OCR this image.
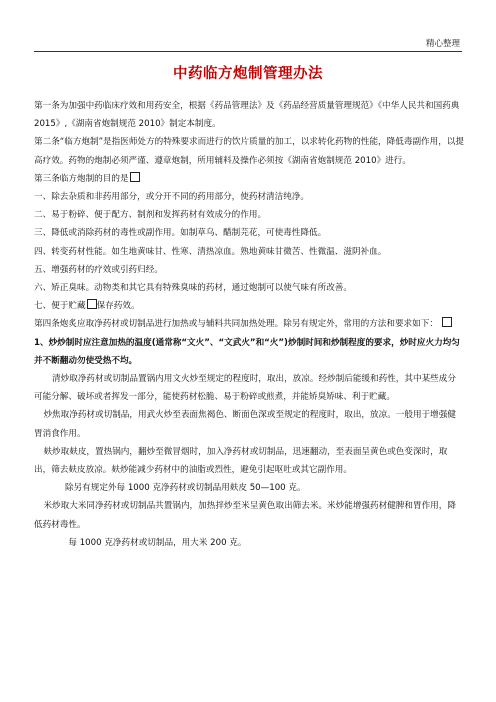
精心整理
中药临方炮制管理办法

第一条为加强中药临床疗效和用药安全，根据《药品管理法》及《药品经营质量管理规范》《中华人民共和国药典 2015》,《湖南省炮制规范 2010》制定本制度。

第二条“临方炮制”是指医师处方的特殊要求而进行的饮片质量的加工，以求转化药物的性能，降低毒副作用，以提高疗效。药物的炮制必须严谨、遵章炮制，所用辅料及操作必须按《湖南省炮制规范 2010》进行。

第三条临方炮制的目的是

一、除去杂质和非药用部分，或分开不同的药用部分，使药材清洁纯净。

二、易于粉碎、便于配方、制剂和发挥药材有效成分的作用。

三、降低或消除药材的毒性或副作用。如制草乌、醋制芫花，可使毒性降低。

四、转变药材性能。如生地黄味甘、性寒、清热凉血。熟地黄味甘微苦、性微温、滋阴补血。

五、增强药材的疗效或引药归经。

六、矫正臭味。动物类和其它具有特殊臭味的药材，通过炮制可以使气味有所改善。

七、便于贮藏 保存药效。

第四条炮炙应取净药材或切制品进行加热或与辅料共同加热处理。除另有规定外，常用的方法和要求如下：

1、炒炒制时应注意加热的温度(通常称“文火”、“文武火”和“火”)炒制时间和炒制程度的要求，炒时应火力均匀并不断翻动勿使受热不均。

清炒取净药材或切制品置锅内用文火炒至规定的程度时，取出，放凉。经炒制后能缓和药性，其中某些成分可能分解、破坏或者挥发一部分，能使药材松脆、易于粉碎或煎煮，并能矫臭矫味、利于贮藏。

炒焦取净药材或切制品，用武火炒至表面焦褐色、断面色深或至规定的程度时，取出，放凉。一般用于增强健胃消食作用。

麸炒取麸皮，置热锅内，翻炒至微冒烟时，加入净药材或切制品，迅速翻动，至表面呈黄色或色变深时，取出，筛去麸皮放凉。麸炒能减少药材中的油脂或烈性，避免引起呕吐或其它副作用。

除另有规定外每 1000 克净药材或切制品用麸皮 50—100 克。

米炒取大米同净药材或切制品共置锅内，加热拌炒至米呈黄色取出筛去米。米炒能增强药材健脾和胃作用，降低药材毒性。

每 1000 克净药材或切制品，用大米 200 克。
